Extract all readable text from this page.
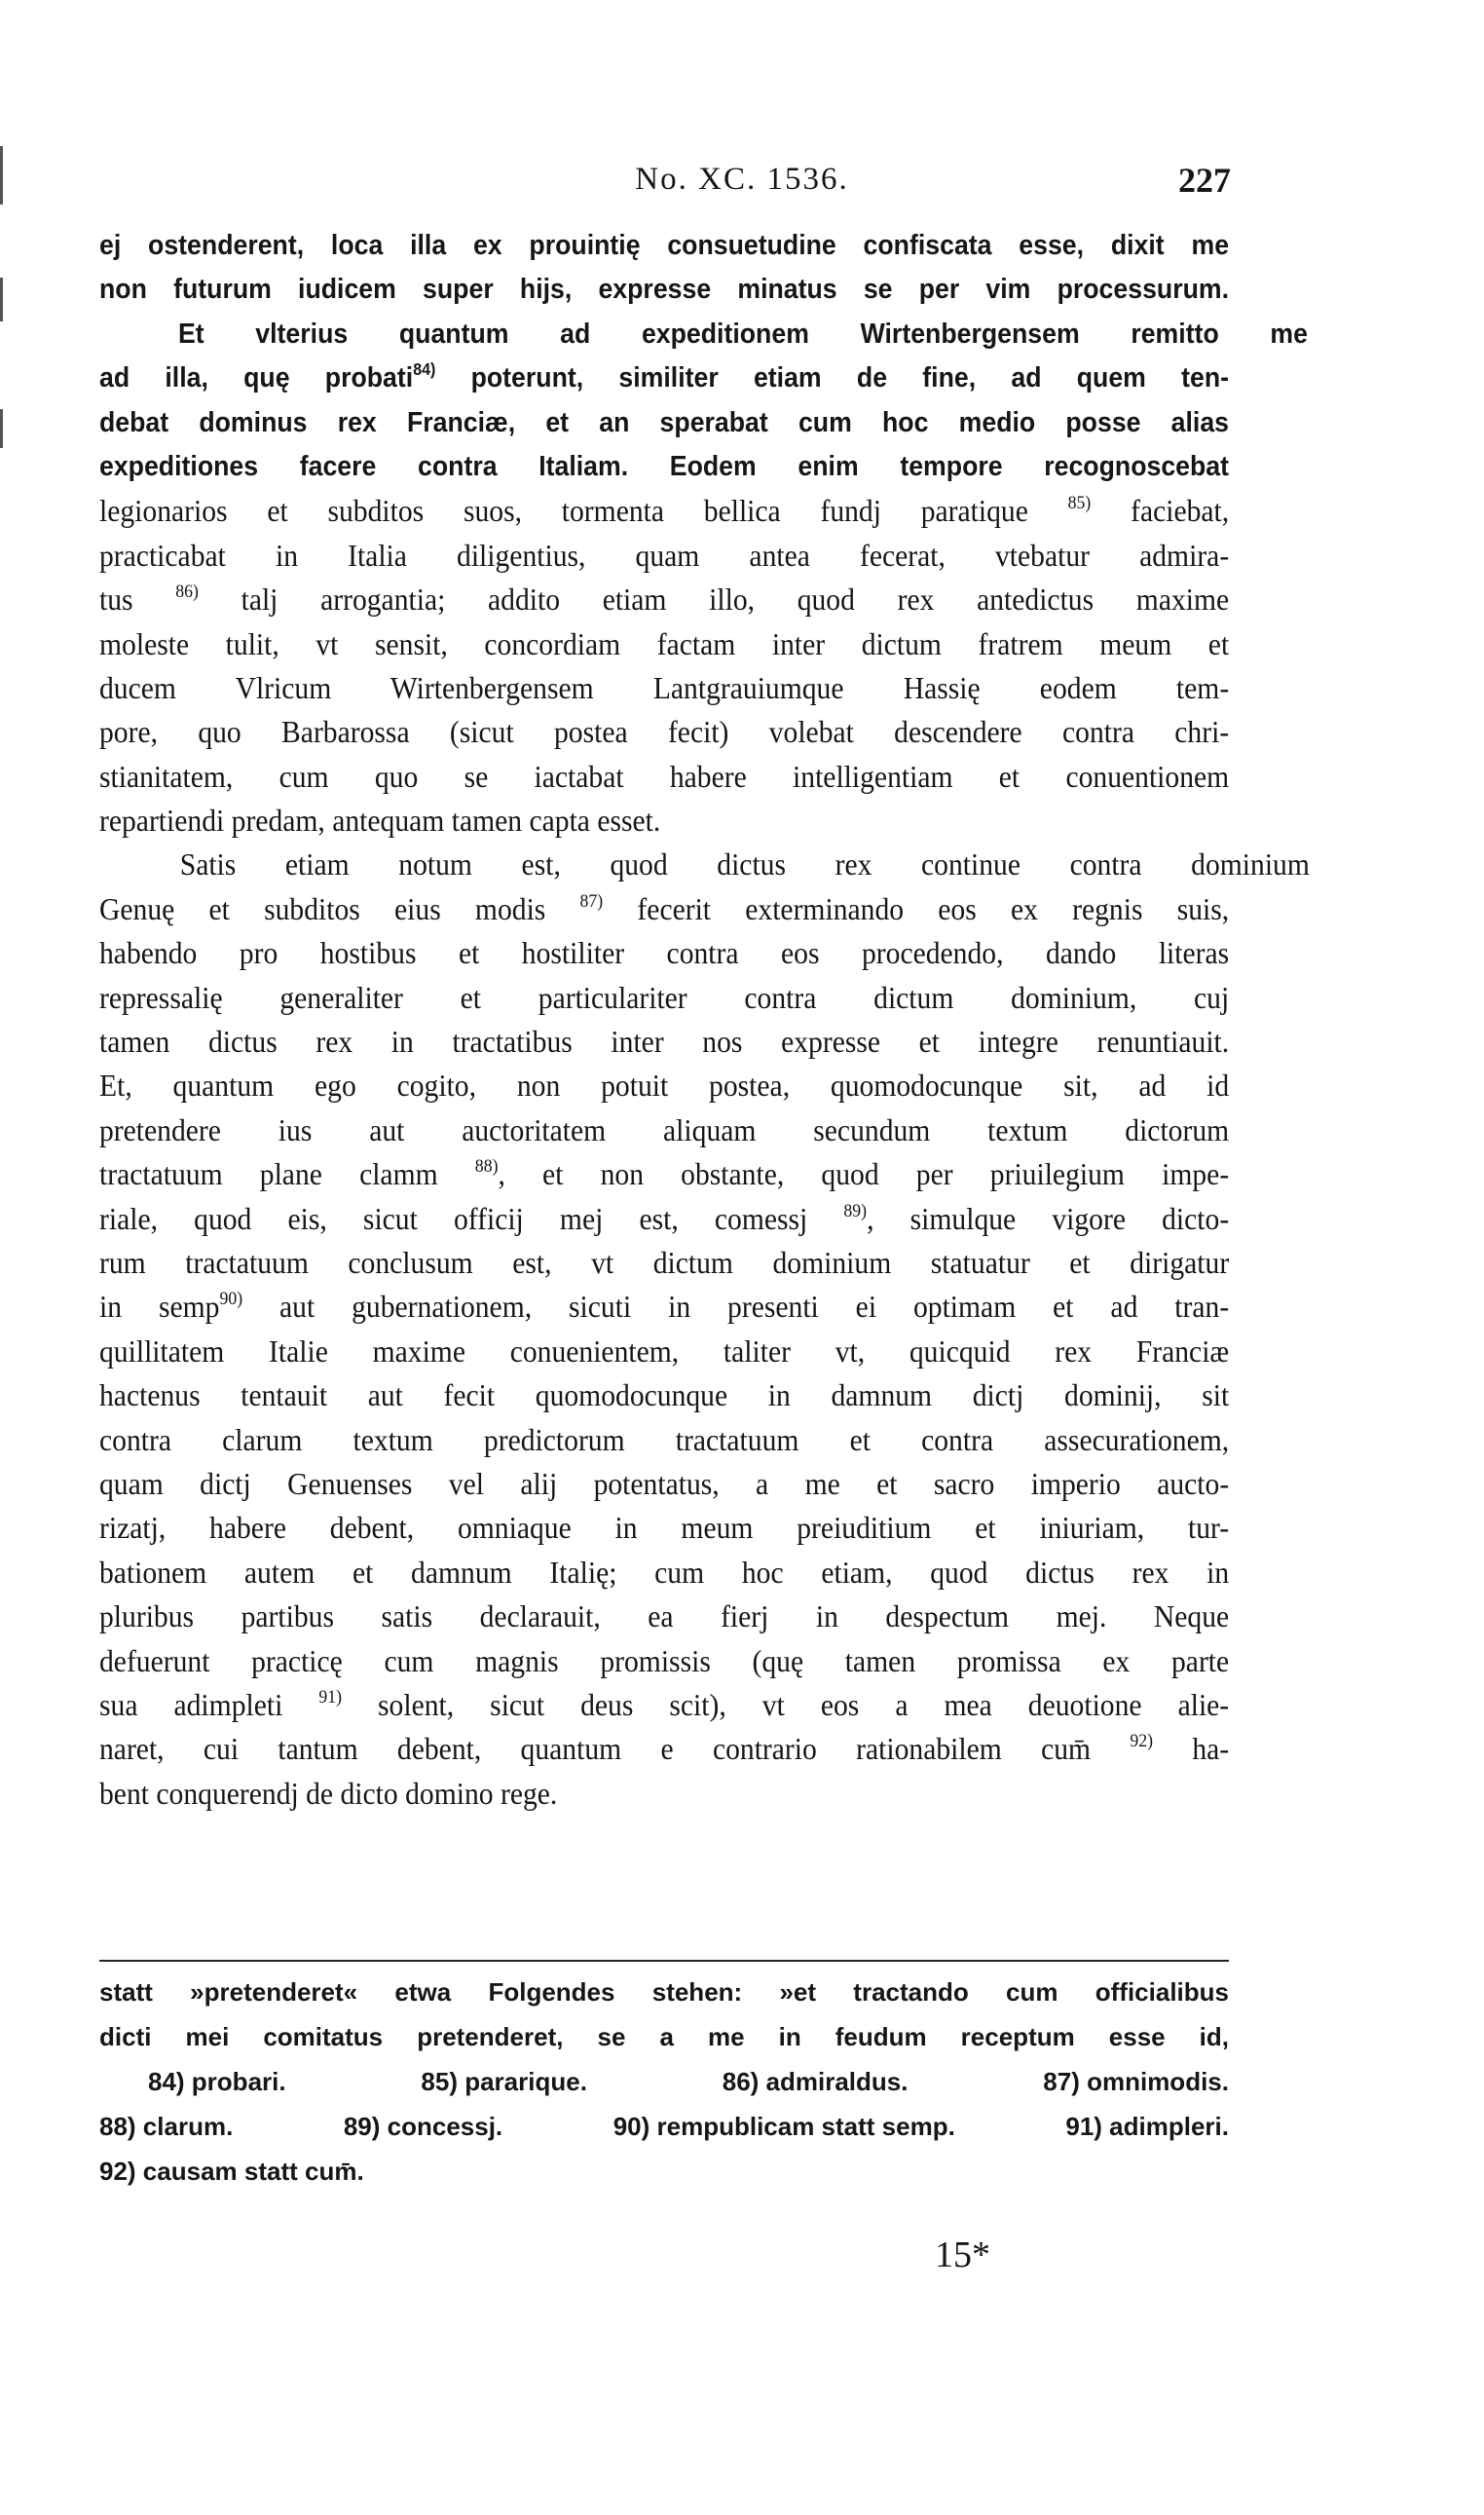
No. XC. 1536.	227
ej ostenderent, loca illa ex prouintię consuetudine confiscata esse, dixit me
non futurum iudicem super hijs, expresse minatus se per vim processurum.
Et vlterius quantum ad expeditionem Wirtenbergensem remitto me
ad illa, quę probati$^{84)}$ poterunt, similiter etiam de fine, ad quem ten-
debat dominus rex Franciæ, et an sperabat cum hoc medio posse alias
expeditiones facere contra Italiam. Eodem enim tempore recognoscebat
legionarios et subditos suos, tormenta bellica fundj paratique $^{85)}$ faciebat,
practicabat in Italia diligentius, quam antea fecerat, vtebatur admira-
tus $^{86)}$ talj arrogantia; addito etiam illo, quod rex antedictus maxime
moleste tulit, vt sensit, concordiam factam inter dictum fratrem meum et
ducem Vlricum Wirtenbergensem Lantgrauiumque Hassię eodem tem-
pore, quo Barbarossa (sicut postea fecit) volebat descendere contra chri-
stianitatem, cum quo se iactabat habere intelligentiam et conuentionem
repartiendi predam, antequam tamen capta esset.
Satis etiam notum est, quod dictus rex continue contra dominium
Genuę et subditos eius modis $^{87)}$ fecerit exterminando eos ex regnis suis,
habendo pro hostibus et hostiliter contra eos procedendo, dando literas
repressalię generaliter et particulariter contra dictum dominium, cuj
tamen dictus rex in tractatibus inter nos expresse et integre renuntiauit.
Et, quantum ego cogito, non potuit postea, quomodocunque sit, ad id
pretendere ius aut auctoritatem aliquam secundum textum dictorum
tractatuum plane clamm $^{88)}$, et non obstante, quod per priuilegium impe-
riale, quod eis, sicut officij mej est, comessj $^{89)}$, simulque vigore dicto-
rum tractatuum conclusum est, vt dictum dominium statuatur et dirigatur
in semp$^{90)}$ aut gubernationem, sicuti in presenti ei optimam et ad tran-
quillitatem Italie maxime conuenientem, taliter vt, quicquid rex Franciæ
hactenus tentauit aut fecit quomodocunque in damnum dictj dominij, sit
contra clarum textum predictorum tractatuum et contra assecurationem,
quam dictj Genuenses vel alij potentatus, a me et sacro imperio aucto-
rizatj, habere debent, omniaque in meum preiuditium et iniuriam, tur-
bationem autem et damnum Italię; cum hoc etiam, quod dictus rex in
pluribus partibus satis declarauit, ea fierj in despectum mej. Neque
defuerunt practicę cum magnis promissis (quę tamen promissa ex parte
sua adimpleti $^{91)}$ solent, sicut deus scit), vt eos a mea deuotione alie-
naret, cui tantum debent, quantum e contrario rationabilem cum̄ $^{92)}$ ha-
bent conquerendj de dicto domino rege.
statt »pretenderet« etwa Folgendes stehen: »et tractando cum officialibus
dicti mei comitatus pretenderet, se a me in feudum receptum esse id,
84) probari.	85) pararique.	86) admiraldus.	87) omnimodis.
88) clarum.	89) concessj.	90) rempublicam statt semp.	91) adimpleri.
92) causam statt cum̄.
15*
